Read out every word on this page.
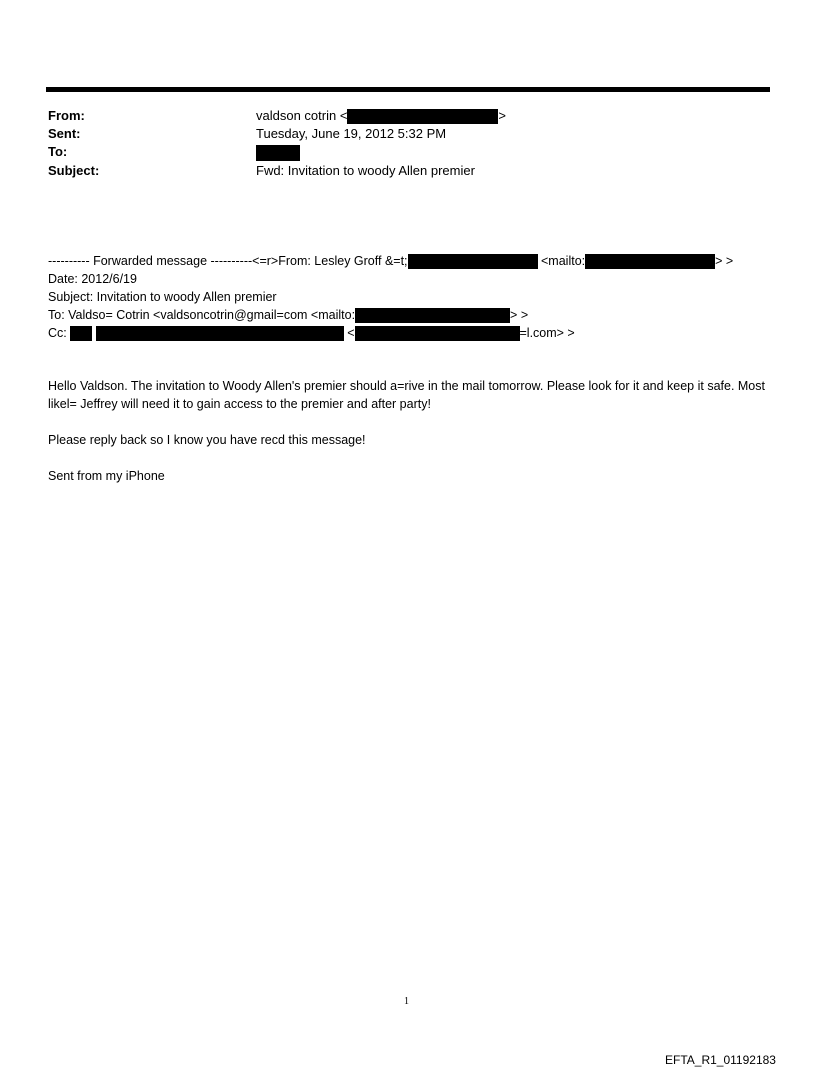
From:	valdson cotrin <	>
Sent:	Tuesday, June 19, 2012 5:32 PM
To:
Subject:	Fwd: Invitation to woody Allen premier
---------- Forwarded message ----------<=r>From: Lesley Groff &=t;	<mailto:	> >
Date: 2012/6/19
Subject: Invitation to woody Allen premier
To: Valdso= Cotrin <valdsoncotrin@gmail=com <mailto:	> >
Cc:	<	=l.com> >
Hello Valdson. The invitation to Woody Allen's premier should a=rive in the mail tomorrow. Please look for it and keep it safe. Most likel= Jeffrey will need it to gain access to the premier and after party!
Please reply back so I know you have recd this message!
Sent from my iPhone
1
EFTA_R1_01192183
